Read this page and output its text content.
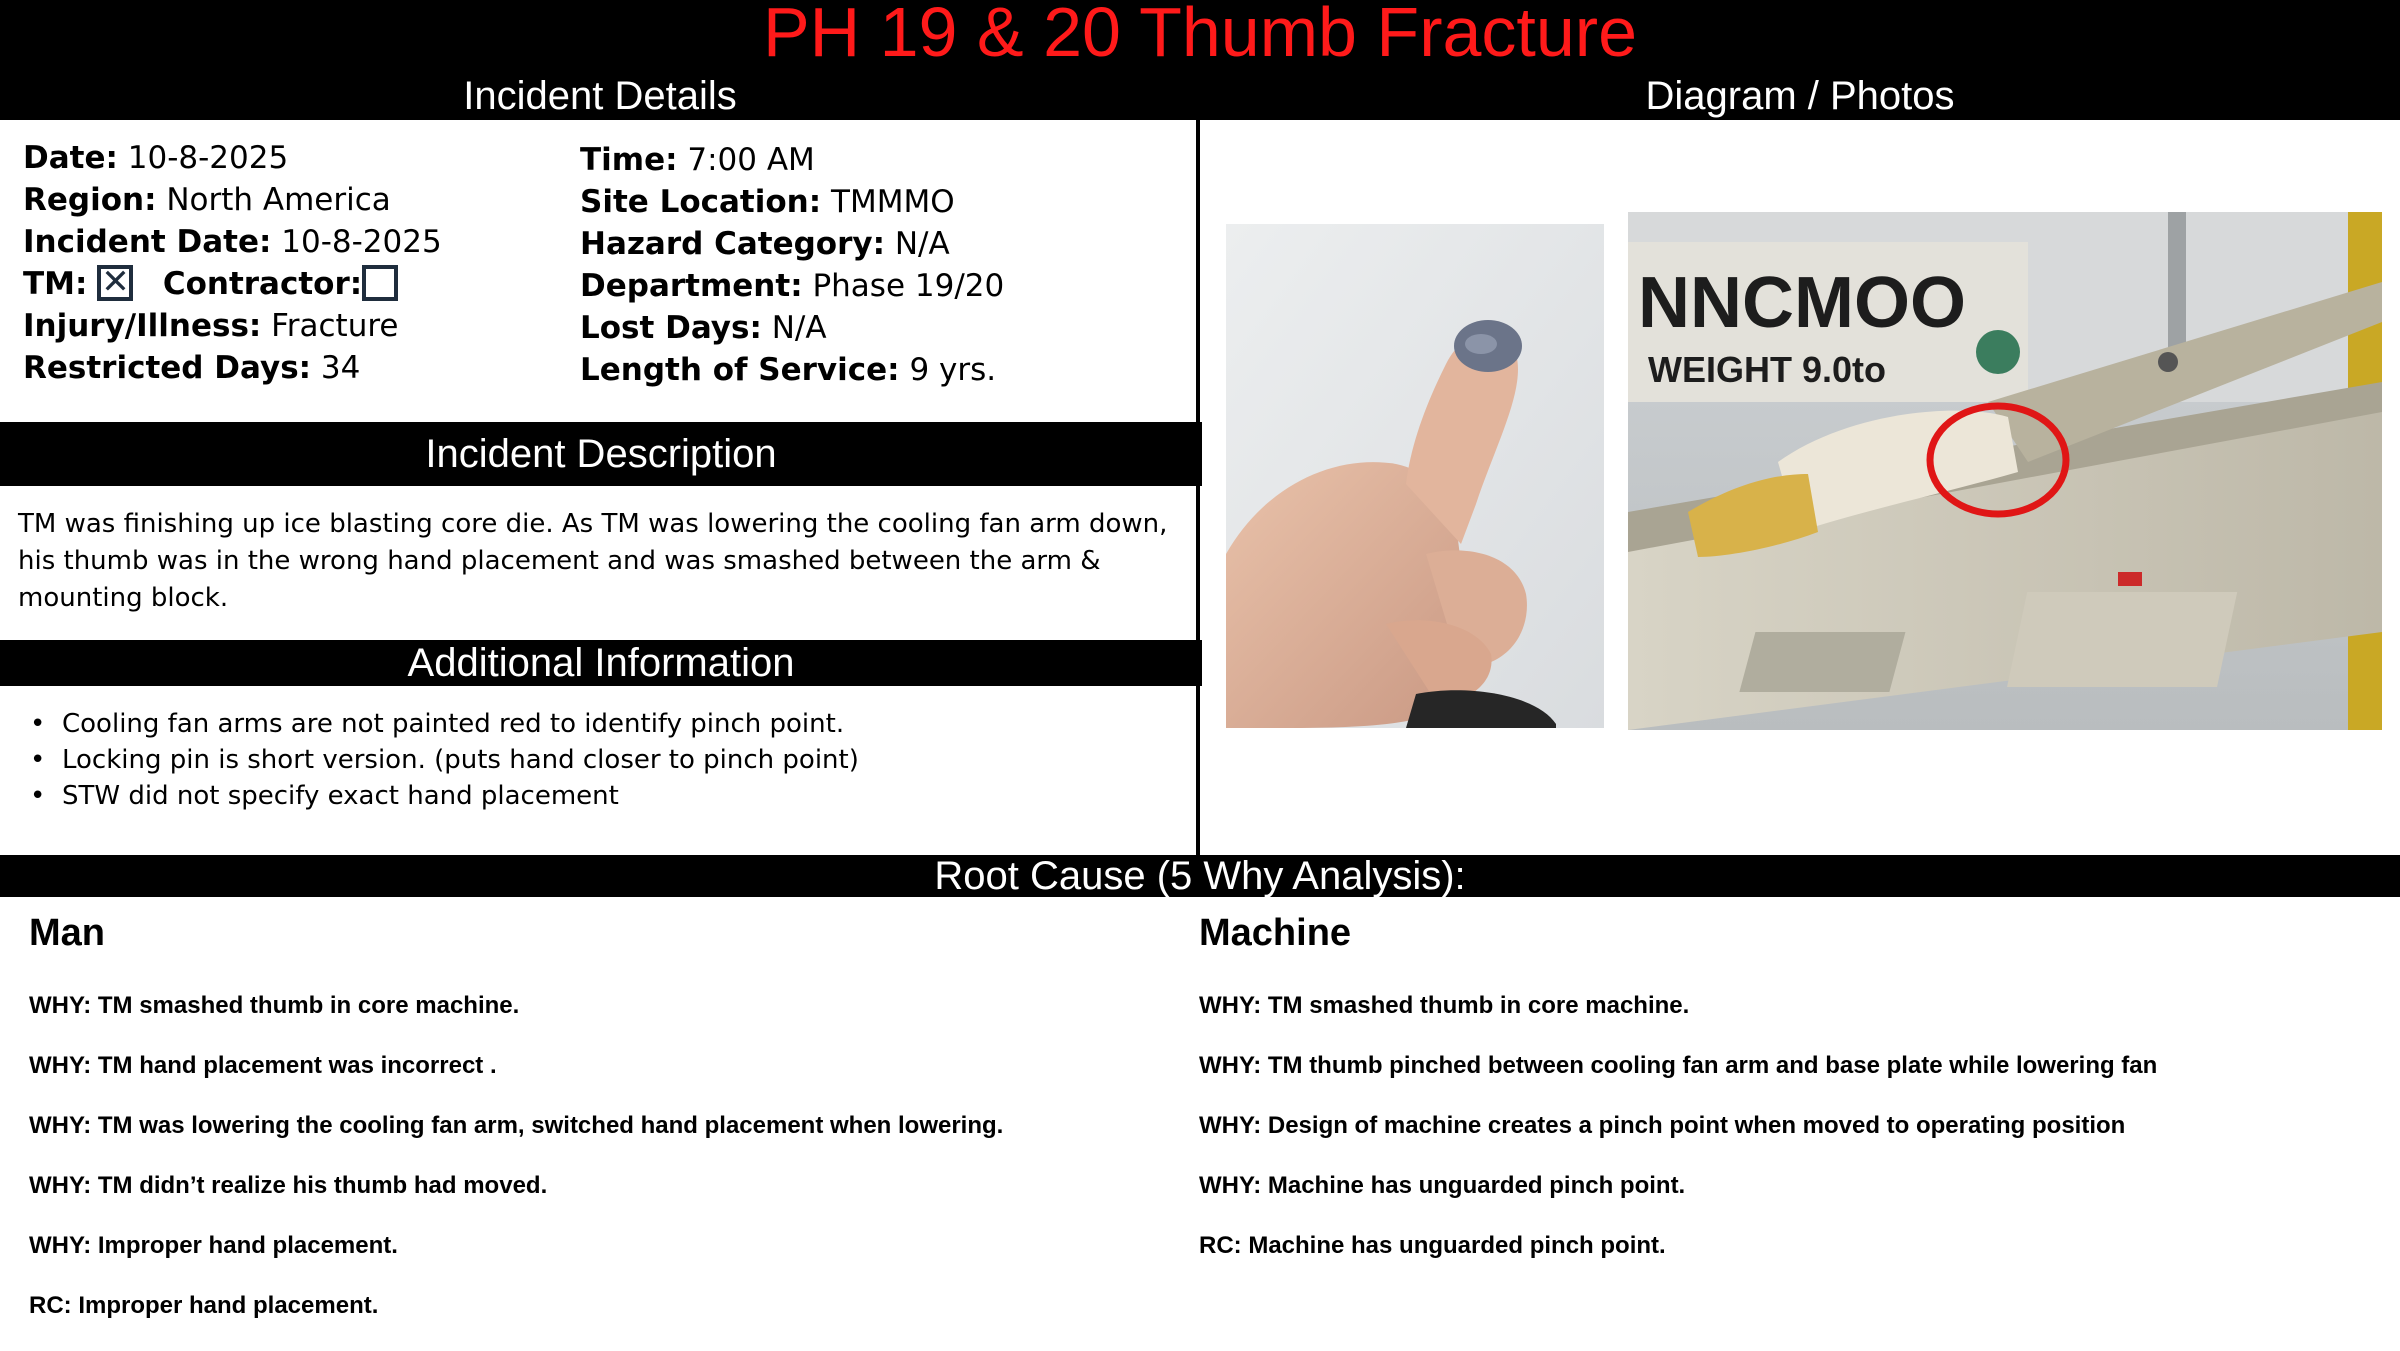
PH 19 & 20 Thumb Fracture
Incident Details	Diagram / Photos
Date: 10-8-2025
Region: North America
Incident Date: 10-8-2025
TM: ✕ Contractor:
Injury/Illness: Fracture
Restricted Days: 34
Time: 7:00 AM
Site Location: TMMMO
Hazard Category: N/A
Department: Phase 19/20
Lost Days: N/A
Length of Service: 9 yrs.
Incident Description
TM was finishing up ice blasting core die. As TM was lowering the cooling fan arm down, his thumb was in the wrong hand placement and was smashed between the arm & mounting block.
Additional Information
• Cooling fan arms are not painted red to identify pinch point.
• Locking pin is short version. (puts hand closer to pinch point)
• STW did not specify exact hand placement
NNCMOO
WEIGHT 9.0to
Root Cause (5 Why Analysis):
Man
WHY: TM smashed thumb in core machine.
WHY: TM hand placement was incorrect .
WHY: TM was lowering the cooling fan arm, switched hand placement when lowering.
WHY: TM didn’t realize his thumb had moved.
WHY: Improper hand placement.
RC: Improper hand placement.
Machine
WHY: TM smashed thumb in core machine.
WHY: TM thumb pinched between cooling fan arm and base plate while lowering fan
WHY: Design of machine creates a pinch point when moved to operating position
WHY: Machine has unguarded pinch point.
RC: Machine has unguarded pinch point.
